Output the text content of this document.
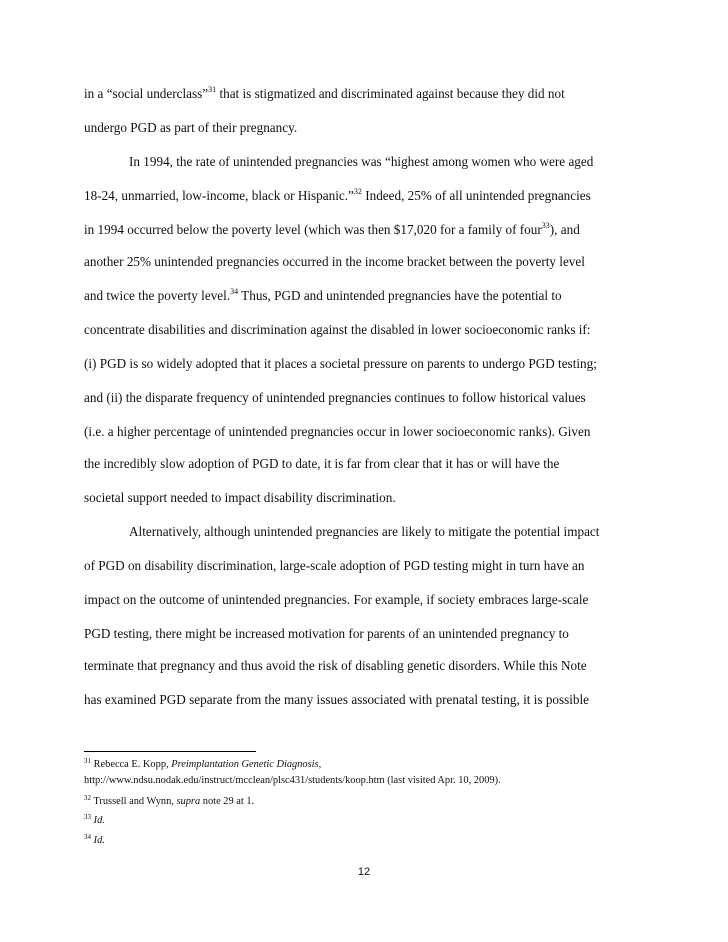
in a “social underclass”$^{31}$ that is stigmatized and discriminated against because they did not
undergo PGD as part of their pregnancy.
In 1994, the rate of unintended pregnancies was “highest among women who were aged
18-24, unmarried, low-income, black or Hispanic.”$^{32}$ Indeed, 25% of all unintended pregnancies
in 1994 occurred below the poverty level (which was then $17,020 for a family of four$^{33}$), and
another 25% unintended pregnancies occurred in the income bracket between the poverty level
and twice the poverty level.$^{34}$ Thus, PGD and unintended pregnancies have the potential to
concentrate disabilities and discrimination against the disabled in lower socioeconomic ranks if:
(i) PGD is so widely adopted that it places a societal pressure on parents to undergo PGD testing;
and (ii) the disparate frequency of unintended pregnancies continues to follow historical values
(i.e. a higher percentage of unintended pregnancies occur in lower socioeconomic ranks). Given
the incredibly slow adoption of PGD to date, it is far from clear that it has or will have the
societal support needed to impact disability discrimination.
Alternatively, although unintended pregnancies are likely to mitigate the potential impact
of PGD on disability discrimination, large-scale adoption of PGD testing might in turn have an
impact on the outcome of unintended pregnancies. For example, if society embraces large-scale
PGD testing, there might be increased motivation for parents of an unintended pregnancy to
terminate that pregnancy and thus avoid the risk of disabling genetic disorders. While this Note
has examined PGD separate from the many issues associated with prenatal testing, it is possible
$^{31}$ Rebecca E. Kopp, Preimplantation Genetic Diagnosis,
http://www.ndsu.nodak.edu/instruct/mcclean/plsc431/students/koop.htm (last visited Apr. 10, 2009).
$^{32}$ Trussell and Wynn, supra note 29 at 1.
$^{33}$ Id.
$^{34}$ Id.
12
